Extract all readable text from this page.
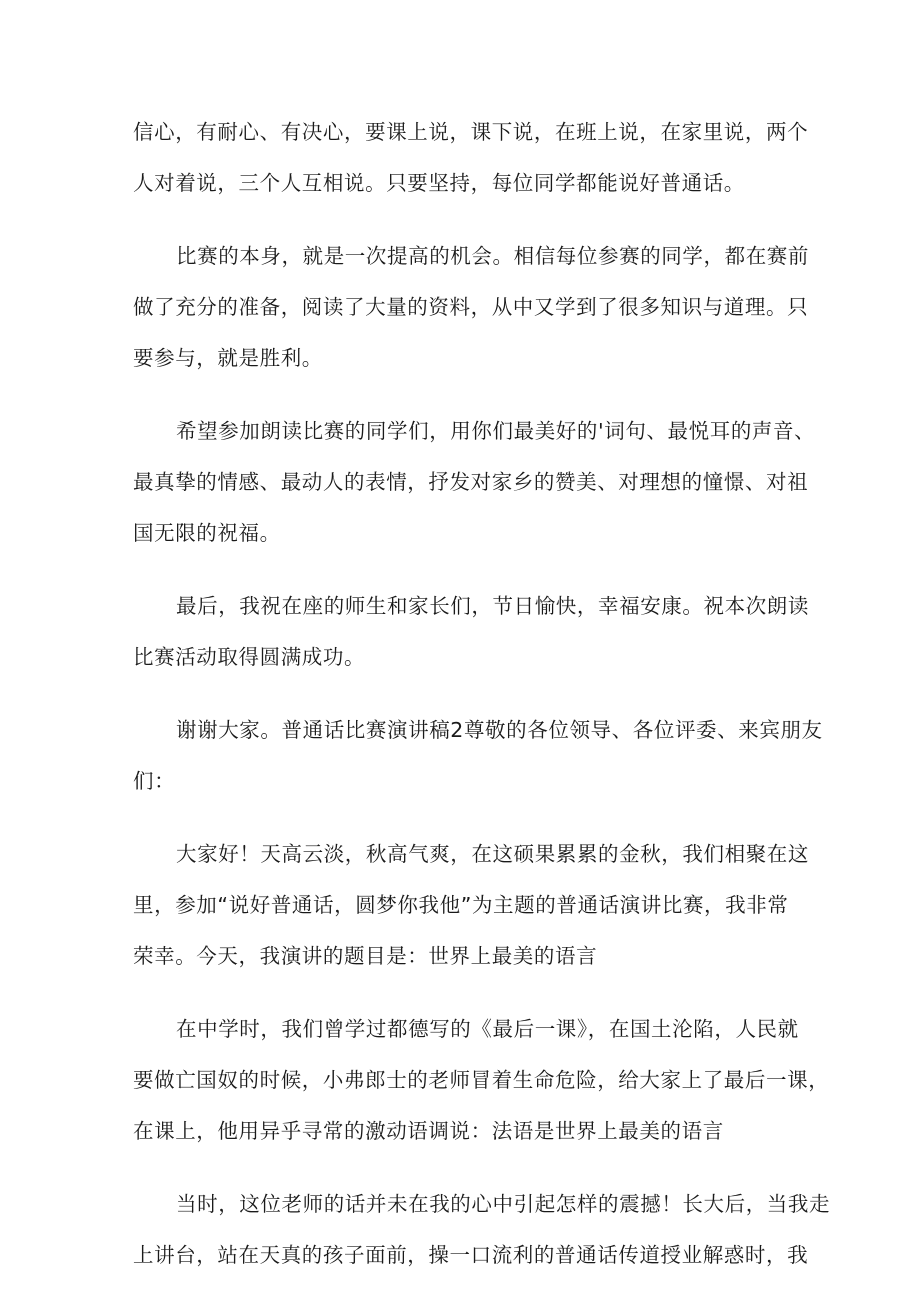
信心，有耐心、有决心，要课上说，课下说，在班上说，在家里说，两个

人对着说，三个人互相说。只要坚持，每位同学都能说好普通话。

比赛的本身，就是一次提高的机会。相信每位参赛的同学，都在赛前

做了充分的准备，阅读了大量的资料，从中又学到了很多知识与道理。只

要参与，就是胜利。

希望参加朗读比赛的同学们，用你们最美好的'词句、最悦耳的声音、

最真挚的情感、最动人的表情，抒发对家乡的赞美、对理想的憧憬、对祖

国无限的祝福。

最后，我祝在座的师生和家长们，节日愉快，幸福安康。祝本次朗读

比赛活动取得圆满成功。

谢谢大家。普通话比赛演讲稿2尊敬的各位领导、各位评委、来宾朋友

们：

大家好！天高云淡，秋高气爽，在这硕果累累的金秋，我们相聚在这

里，参加“说好普通话，圆梦你我他”为主题的普通话演讲比赛，我非常

荣幸。今天，我演讲的题目是：世界上最美的语言

在中学时，我们曾学过都德写的《最后一课》，在国土沦陷，人民就

要做亡国奴的时候，小弗郎士的老师冒着生命危险，给大家上了最后一课，

在课上，他用异乎寻常的激动语调说：法语是世界上最美的语言

当时，这位老师的话并未在我的心中引起怎样的震撼！长大后，当我走

上讲台，站在天真的孩子面前，操一口流利的普通话传道授业解惑时，我
